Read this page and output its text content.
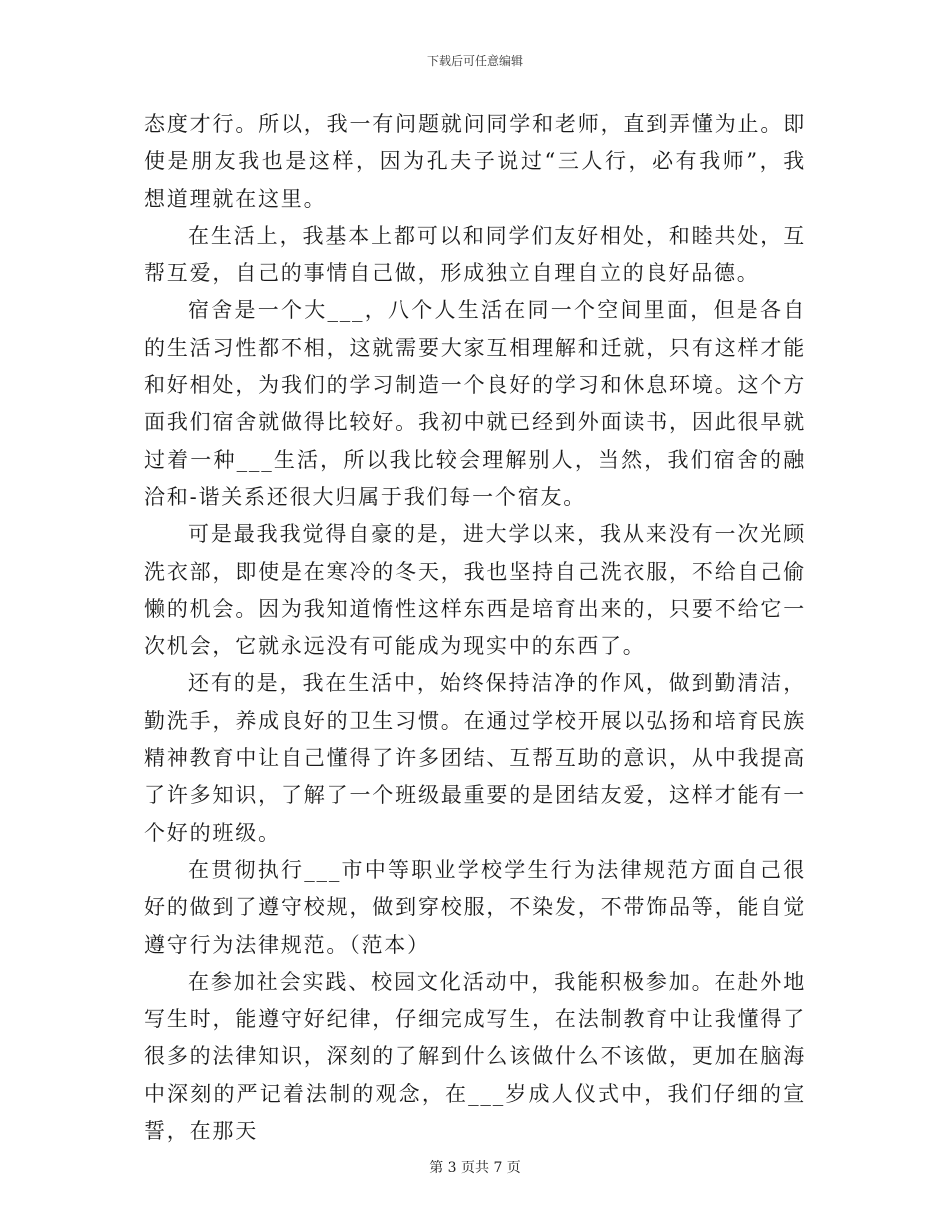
下载后可任意编辑

态度才行。所以，我一有问题就问同学和老师，直到弄懂为止。即使是朋友我也是这样，因为孔夫子说过“三人行，必有我师”，我想道理就在这里。

在生活上，我基本上都可以和同学们友好相处，和睦共处，互帮互爱，自己的事情自己做，形成独立自理自立的良好品德。

宿舍是一个大___，八个人生活在同一个空间里面，但是各自的生活习性都不相，这就需要大家互相理解和迁就，只有这样才能和好相处，为我们的学习制造一个良好的学习和休息环境。这个方面我们宿舍就做得比较好。我初中就已经到外面读书，因此很早就过着一种___生活，所以我比较会理解别人，当然，我们宿舍的融洽和-谐关系还很大归属于我们每一个宿友。

可是最我我觉得自豪的是，进大学以来，我从来没有一次光顾洗衣部，即使是在寒冷的冬天，我也坚持自己洗衣服，不给自己偷懒的机会。因为我知道惰性这样东西是培育出来的，只要不给它一次机会，它就永远没有可能成为现实中的东西了。

还有的是，我在生活中，始终保持洁净的作风，做到勤清洁，勤洗手，养成良好的卫生习惯。在通过学校开展以弘扬和培育民族精神教育中让自己懂得了许多团结、互帮互助的意识，从中我提高了许多知识，了解了一个班级最重要的是团结友爱，这样才能有一个好的班级。

在贯彻执行___市中等职业学校学生行为法律规范方面自己很好的做到了遵守校规，做到穿校服，不染发，不带饰品等，能自觉遵守行为法律规范。（范本）

在参加社会实践、校园文化活动中，我能积极参加。在赴外地写生时，能遵守好纪律，仔细完成写生，在法制教育中让我懂得了很多的法律知识，深刻的了解到什么该做什么不该做，更加在脑海中深刻的严记着法制的观念，在___岁成人仪式中，我们仔细的宣誓，在那天

第 3 页共 7 页
